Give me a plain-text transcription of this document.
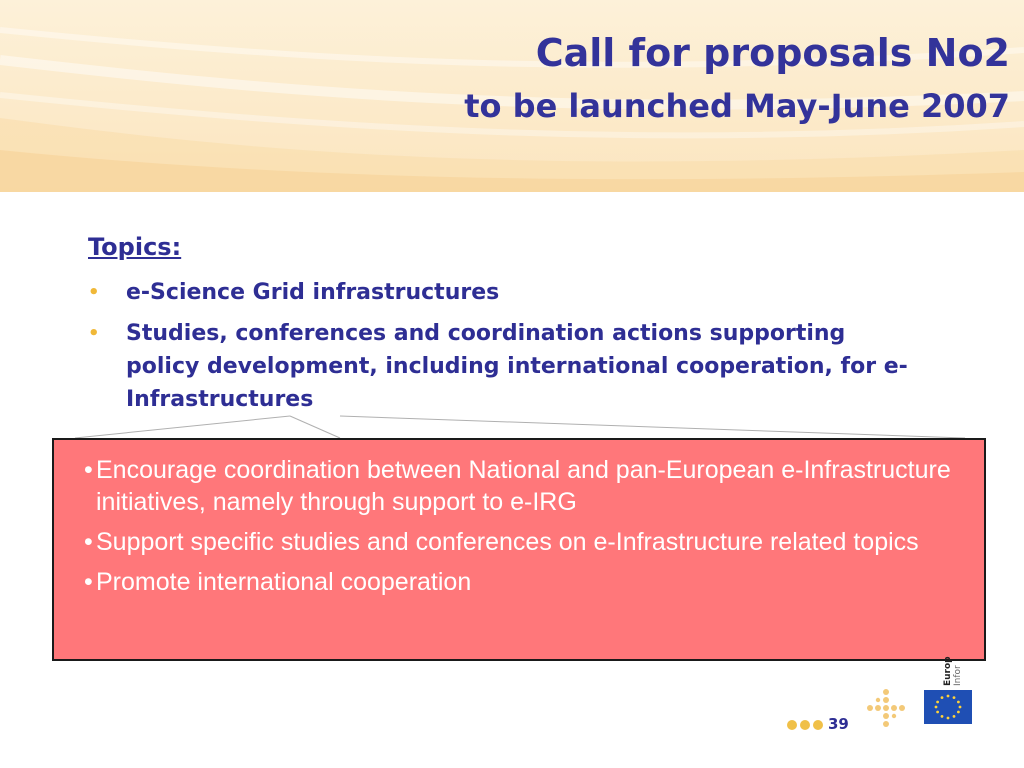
Call for proposals No2
to be launched May-June 2007
Topics:
• e-Science Grid infrastructures
• Studies, conferences and coordination actions supporting policy development, including international cooperation, for e-Infrastructures
• Encourage coordination between National and pan-European e-Infrastructure initiatives, namely through support to e-IRG
• Support specific studies and conferences on e-Infrastructure related topics
• Promote international cooperation
39
Europ Infor
